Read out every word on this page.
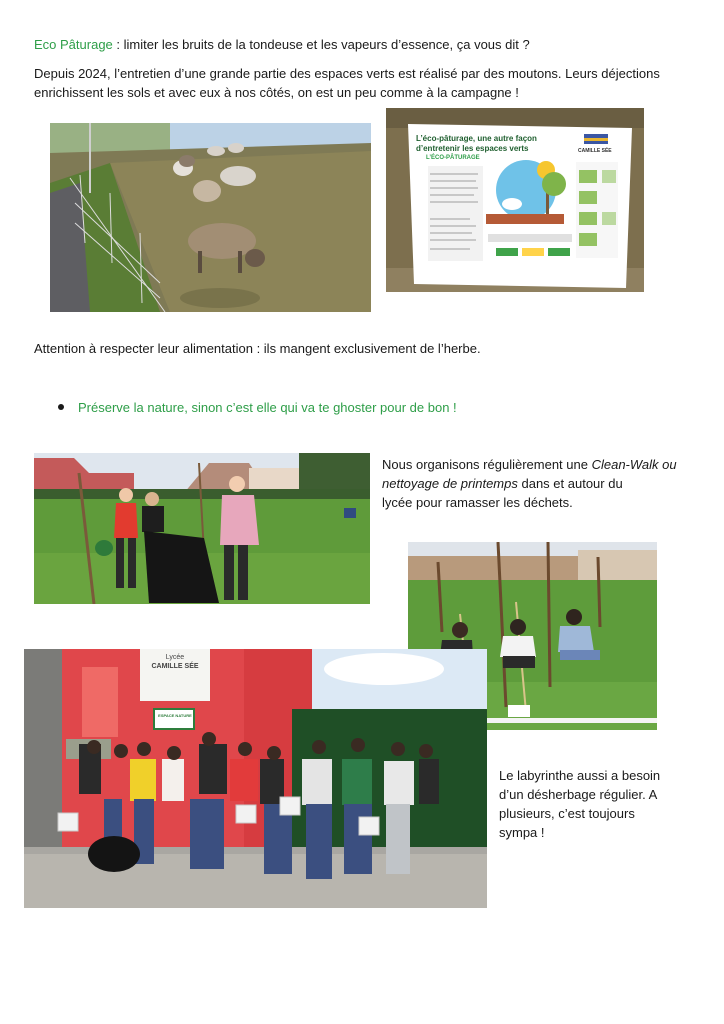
Eco Pâturage : limiter les bruits de la tondeuse et les vapeurs d’essence, ça vous dit ?
Depuis 2024, l’entretien d’une grande partie des espaces verts est réalisé par des moutons. Leurs déjections
enrichissent les sols et avec eux à nos côtés, on est un peu comme à la campagne !
L’éco-pâturage, une autre façon
d’entretenir les espaces verts
L’ÉCO-PÂTURAGE
CAMILLE SÉE
Attention à respecter leur alimentation : ils mangent exclusivement de l’herbe.
Préserve la nature, sinon c’est elle qui va te ghoster pour de bon !
Nous organisons régulièrement une Clean-Walk ou
nettoyage de printemps dans et autour du
lycée pour ramasser les déchets.
Lycée
CAMILLE SÉE
ESPACE NATURE
Le labyrinthe aussi a besoin
d’un désherbage régulier. A
plusieurs, c’est toujours
sympa !
